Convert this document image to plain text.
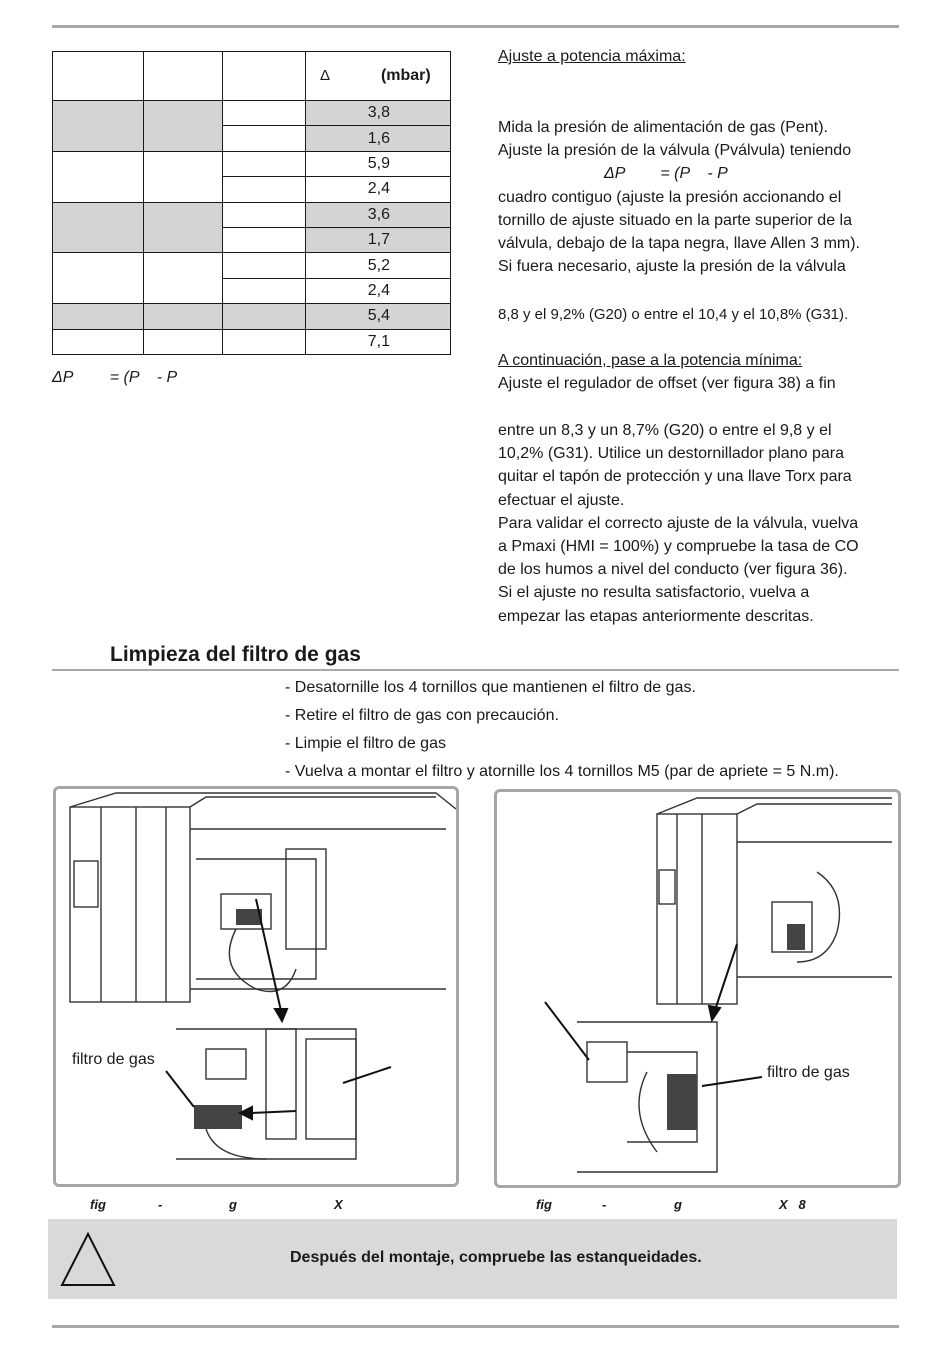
			Δ (mbar)
			3,8
			1,6
			5,9
			2,4
			3,6
			1,7
			5,2
			2,4
			5,4
			7,1
ΔP = (P    - P

Ajuste a potencia máxima:

Mida la presión de alimentación de gas (Pent).

Ajuste la presión de la válvula (Pválvula) teniendo

ΔP        = (P    - P

cuadro contiguo (ajuste la presión accionando el

tornillo de ajuste situado en la parte superior de la

válvula, debajo de la tapa negra, llave Allen 3 mm).

Si fuera necesario, ajuste la presión de la válvula

8,8 y el 9,2% (G20) o entre el 10,4 y el 10,8% (G31).

A continuación, pase a la potencia mínima:

Ajuste el regulador de offset (ver figura 38) a fin

entre un 8,3 y un 8,7% (G20) o entre el 9,8 y el

10,2% (G31). Utilice un destornillador plano para

quitar el tapón de protección y una llave Torx para

efectuar el ajuste.

Para validar el correcto ajuste de la válvula, vuelva

a Pmaxi (HMI = 100%) y compruebe la tasa de CO

de los humos a nivel del conducto (ver figura 36).

Si el ajuste no resulta satisfactorio, vuelva a

empezar las etapas anteriormente descritas.

Limpieza del filtro de gas
- Desatornille los 4 tornillos que mantienen el filtro de gas.
- Retire el filtro de gas con precaución.
- Limpie el filtro de gas
- Vuelva a montar el filtro y atornille los 4 tornillos M5 (par de apriete = 5 N.m).
filtro de gas
filtro de gas
fig	-	g	X	fig	-	g	X   8
Después del montaje, compruebe las estanqueidades.
